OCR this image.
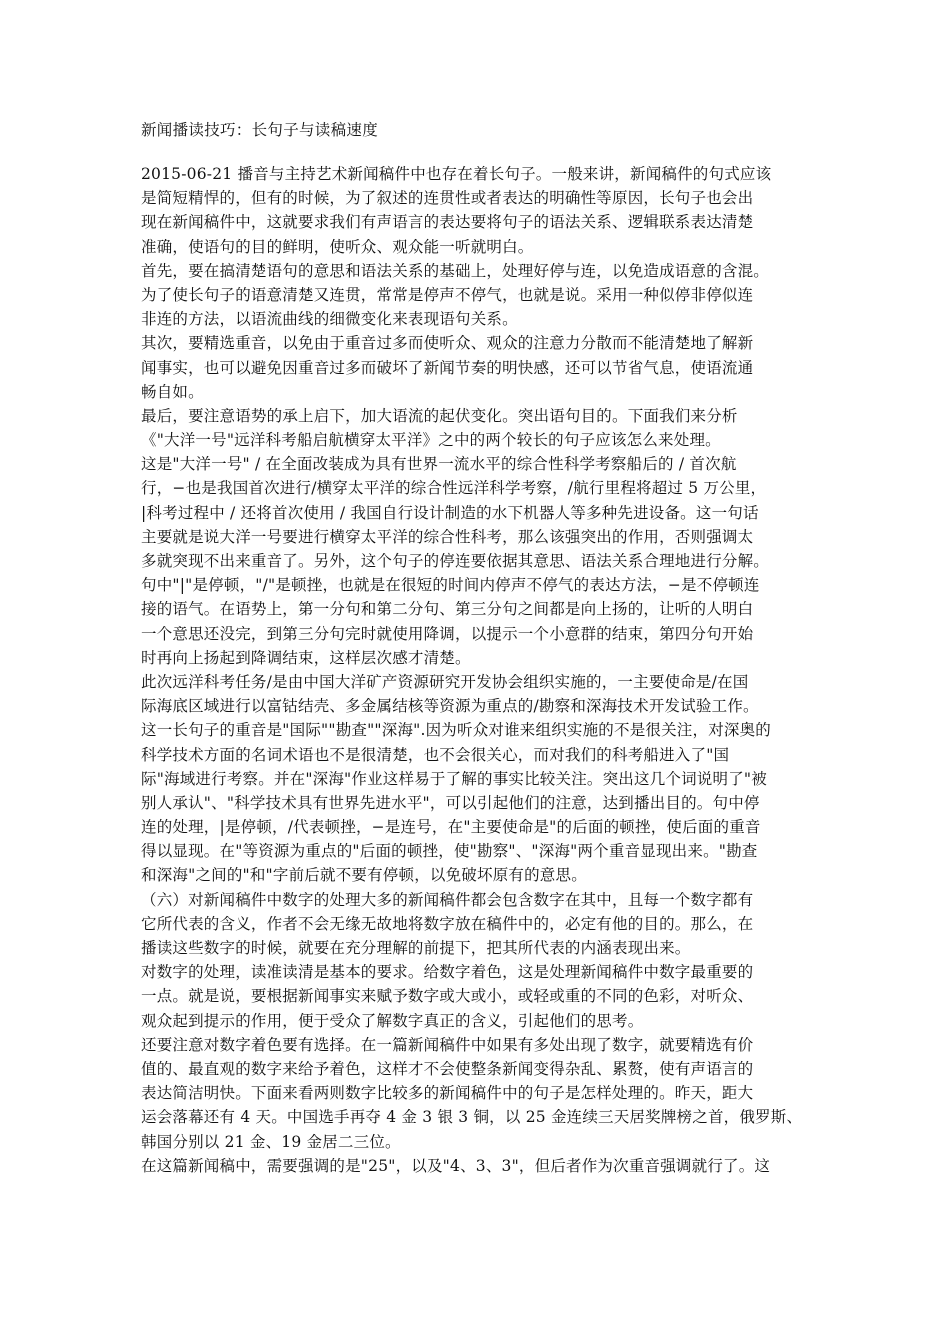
新闻播读技巧：长句子与读稿速度
2015-06-21 播音与主持艺术新闻稿件中也存在着长句子。一般来讲，新闻稿件的句式应该
是简短精悍的，但有的时候，为了叙述的连贯性或者表达的明确性等原因，长句子也会出
现在新闻稿件中，这就要求我们有声语言的表达要将句子的语法关系、逻辑联系表达清楚
准确，使语句的目的鲜明，使听众、观众能一听就明白。
首先，要在搞清楚语句的意思和语法关系的基础上，处理好停与连，以免造成语意的含混。
为了使长句子的语意清楚又连贯，常常是停声不停气，也就是说。采用一种似停非停似连
非连的方法，以语流曲线的细微变化来表现语句关系。
其次，要精选重音，以免由于重音过多而使听众、观众的注意力分散而不能清楚地了解新
闻事实，也可以避免因重音过多而破坏了新闻节奏的明快感，还可以节省气息，使语流通
畅自如。
最后，要注意语势的承上启下，加大语流的起伏变化。突出语句目的。下面我们来分析
《"大洋一号"远洋科考船启航横穿太平洋》之中的两个较长的句子应该怎么来处理。
这是"大洋一号" / 在全面改装成为具有世界一流水平的综合性科学考察船后的 / 首次航
行，−也是我国首次进行/横穿太平洋的综合性远洋科学考察，/航行里程将超过 5 万公里，
|科考过程中 / 还将首次使用 / 我国自行设计制造的水下机器人等多种先进设备。这一句话
主要就是说大洋一号要进行横穿太平洋的综合性科考，那么该强突出的作用，否则强调太
多就突现不出来重音了。另外，这个句子的停连要依据其意思、语法关系合理地进行分解。
句中"|"是停顿，"/"是顿挫，也就是在很短的时间内停声不停气的表达方法，−是不停顿连
接的语气。在语势上，第一分句和第二分句、第三分句之间都是向上扬的，让听的人明白
一个意思还没完，到第三分句完时就使用降调，以提示一个小意群的结束，第四分句开始
时再向上扬起到降调结束，这样层次感才清楚。
此次远洋科考任务/是由中国大洋矿产资源研究开发协会组织实施的，一主要使命是/在国
际海底区域进行以富钴结壳、多金属结核等资源为重点的/勘察和深海技术开发试验工作。
这一长句子的重音是"国际""勘查""深海".因为听众对谁来组织实施的不是很关注，对深奥的
科学技术方面的名词术语也不是很清楚，也不会很关心，而对我们的科考船进入了"国
际"海域进行考察。并在"深海"作业这样易于了解的事实比较关注。突出这几个词说明了"被
别人承认"、"科学技术具有世界先进水平"，可以引起他们的注意，达到播出目的。句中停
连的处理，|是停顿，/代表顿挫，−是连号，在"主要使命是"的后面的顿挫，使后面的重音
得以显现。在"等资源为重点的"后面的顿挫，使"勘察"、"深海"两个重音显现出来。"勘查
和深海"之间的"和"字前后就不要有停顿，以免破坏原有的意思。
（六）对新闻稿件中数字的处理大多的新闻稿件都会包含数字在其中，且每一个数字都有
它所代表的含义，作者不会无缘无故地将数字放在稿件中的，必定有他的目的。那么，在
播读这些数字的时候，就要在充分理解的前提下，把其所代表的内涵表现出来。
对数字的处理，读准读清是基本的要求。给数字着色，这是处理新闻稿件中数字最重要的
一点。就是说，要根据新闻事实来赋予数字或大或小，或轻或重的不同的色彩，对听众、
观众起到提示的作用，便于受众了解数字真正的含义，引起他们的思考。
还要注意对数字着色要有选择。在一篇新闻稿件中如果有多处出现了数字，就要精选有价
值的、最直观的数字来给予着色，这样才不会使整条新闻变得杂乱、累赘，使有声语言的
表达简洁明快。下面来看两则数字比较多的新闻稿件中的句子是怎样处理的。昨天，距大
运会落幕还有 4 天。中国选手再夺 4 金 3 银 3 铜，以 25 金连续三天居奖牌榜之首，俄罗斯、
韩国分别以 21 金、19 金居二三位。
在这篇新闻稿中，需要强调的是"25"，以及"4、3、3"，但后者作为次重音强调就行了。这
